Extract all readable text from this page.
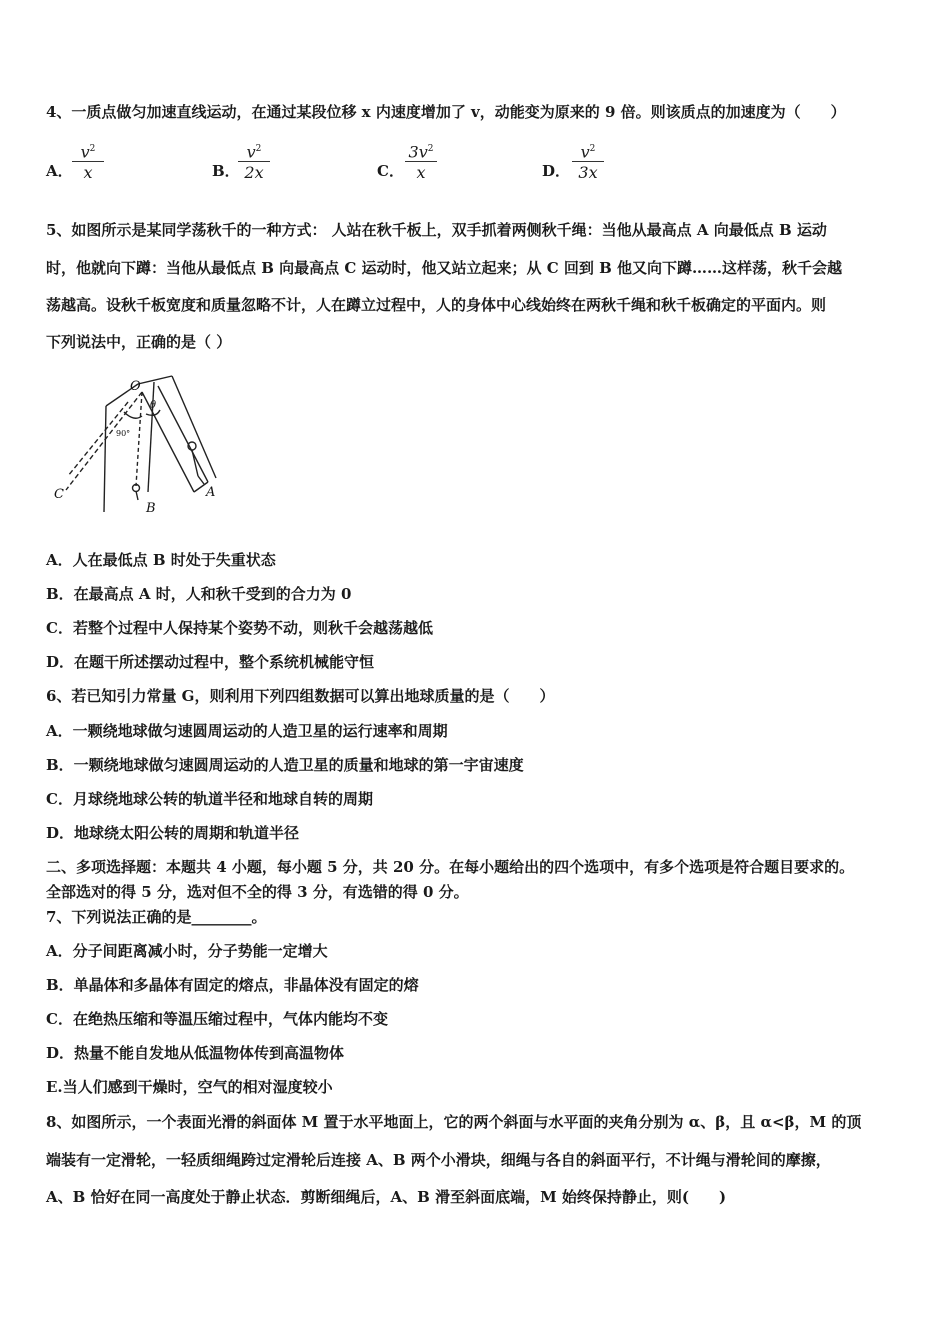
4、一质点做匀加速直线运动，在通过某段位移 x 内速度增加了 v，动能变为原来的 9 倍。则该质点的加速度为（　　）
A．
$v^2$
x	B．
$v^2$
2x	C．
$3v^2$
x	D．
$v^2$
3x
5、如图所示是某同学荡秋千的一种方式： 人站在秋千板上，双手抓着两侧秋千绳：当他从最高点 A 向最低点 B 运动
时，他就向下蹲：当他从最低点 B 向最高点 C 运动时，他又站立起来；从 C 回到 B 他又向下蹲……这样荡，秋千会越
荡越高。设秋千板宽度和质量忽略不计，人在蹲立过程中，人的身体中心线始终在两秋千绳和秋千板确定的平面内。则
下列说法中，正确的是（ ）
O
A
B
C
θ
90°
A．人在最低点 B 时处于失重状态
B．在最高点 A 时，人和秋千受到的合力为 0
C．若整个过程中人保持某个姿势不动，则秋千会越荡越低
D．在题干所述摆动过程中，整个系统机械能守恒
6、若已知引力常量 G，则利用下列四组数据可以算出地球质量的是（　　）
A．一颗绕地球做匀速圆周运动的人造卫星的运行速率和周期
B．一颗绕地球做匀速圆周运动的人造卫星的质量和地球的第一宇宙速度
C．月球绕地球公转的轨道半径和地球自转的周期
D．地球绕太阳公转的周期和轨道半径
二、多项选择题：本题共 4 小题，每小题 5 分，共 20 分。在每小题给出的四个选项中，有多个选项是符合题目要求的。
全部选对的得 5 分，选对但不全的得 3 分，有选错的得 0 分。
7、下列说法正确的是________。
A．分子间距离减小时，分子势能一定增大
B．单晶体和多晶体有固定的熔点，非晶体没有固定的熔
C．在绝热压缩和等温压缩过程中，气体内能均不变
D．热量不能自发地从低温物体传到高温物体
E.当人们感到干燥时，空气的相对湿度较小
8、如图所示，一个表面光滑的斜面体 M 置于水平地面上，它的两个斜面与水平面的夹角分别为 α、β，且 α<β，M 的顶
端装有一定滑轮，一轻质细绳跨过定滑轮后连接 A、B 两个小滑块，细绳与各自的斜面平行，不计绳与滑轮间的摩擦，
A、B 恰好在同一高度处于静止状态．剪断细绳后，A、B 滑至斜面底端，M 始终保持静止，则(　　)
